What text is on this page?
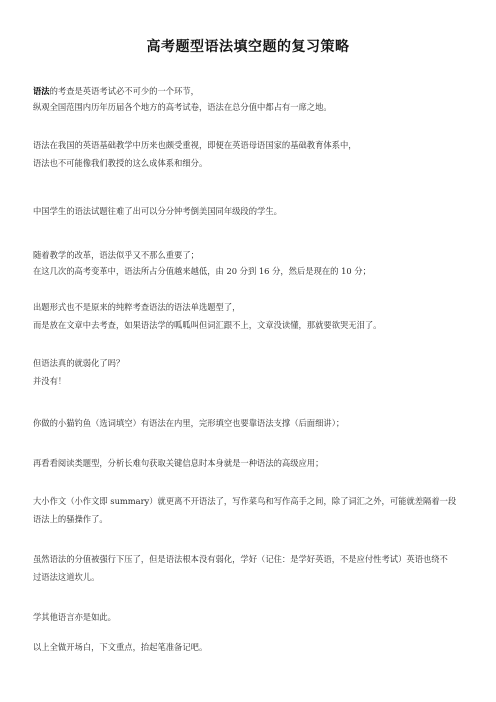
高考题型语法填空题的复习策略

语法的考查是英语考试必不可少的一个环节，

纵观全国范围内历年历届各个地方的高考试卷，语法在总分值中都占有一席之地。

语法在我国的英语基础教学中历来也颇受重视，即便在英语母语国家的基础教育体系中，

语法也不可能像我们教授的这么成体系和细分。

中国学生的语法试题往难了出可以分分钟考倒美国同年级段的学生。

随着教学的改革，语法似乎又不那么重要了；

在这几次的高考变革中，语法所占分值越来越低，由 20 分到 16 分，然后是现在的 10 分；

出题形式也不是原来的纯粹考查语法的语法单选题型了，

而是放在文章中去考查，如果语法学的呱呱叫但词汇跟不上，文章没读懂，那就要欲哭无泪了。

但语法真的就弱化了吗？

并没有！

你做的小猫钓鱼（选词填空）有语法在内里，完形填空也要靠语法支撑（后面细讲）；

再看看阅读类题型，分析长难句获取关键信息时本身就是一种语法的高级应用；

大小作文（小作文即 summary）就更离不开语法了，写作菜鸟和写作高手之间，除了词汇之外，可能就差隔着一段

语法上的骚操作了。

虽然语法的分值被强行下压了，但是语法根本没有弱化，学好（记住：是学好英语，不是应付性考试）英语也绕不

过语法这道坎儿。

学其他语言亦是如此。

以上全做开场白，下文重点，抬起笔准备记吧。
